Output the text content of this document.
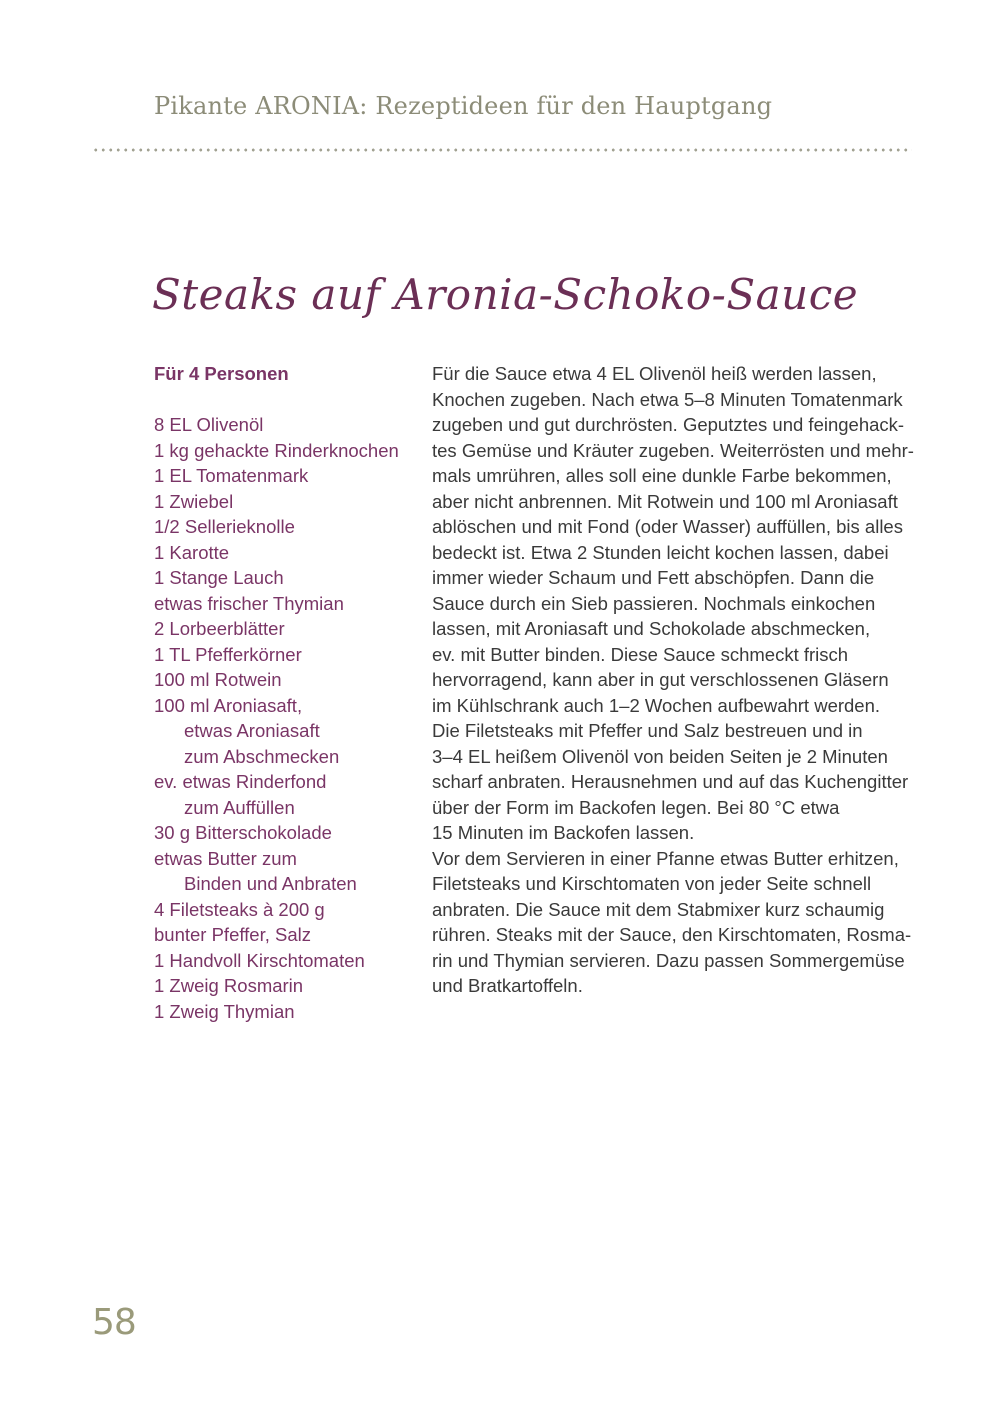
Pikante ARONIA: Rezeptideen für den Hauptgang
Steaks auf Aronia-Schoko-Sauce
Für 4 Personen
8 EL Olivenöl
1 kg gehackte Rinderknochen
1 EL Tomatenmark
1 Zwiebel
1/2 Sellerieknolle
1 Karotte
1 Stange Lauch
etwas frischer Thymian
2 Lorbeerblätter
1 TL Pfefferkörner
100 ml Rotwein
100 ml Aroniasaft,
etwas Aroniasaft
zum Abschmecken
ev. etwas Rinderfond
zum Auffüllen
30 g Bitterschokolade
etwas Butter zum
Binden und Anbraten
4 Filetsteaks à 200 g
bunter Pfeffer, Salz
1 Handvoll Kirschtomaten
1 Zweig Rosmarin
1 Zweig Thymian
Für die Sauce etwa 4 EL Olivenöl heiß werden lassen,
Knochen zugeben. Nach etwa 5–8 Minuten Tomatenmark
zugeben und gut durchrösten. Geputztes und feingehack-
tes Gemüse und Kräuter zugeben. Weiterrösten und mehr-
mals umrühren, alles soll eine dunkle Farbe bekommen,
aber nicht anbrennen. Mit Rotwein und 100 ml Aroniasaft
ablöschen und mit Fond (oder Wasser) auffüllen, bis alles
bedeckt ist. Etwa 2 Stunden leicht kochen lassen, dabei
immer wieder Schaum und Fett abschöpfen. Dann die
Sauce durch ein Sieb passieren. Nochmals einkochen
lassen, mit Aroniasaft und Schokolade abschmecken,
ev. mit Butter binden. Diese Sauce schmeckt frisch
hervorragend, kann aber in gut verschlossenen Gläsern
im Kühlschrank auch 1–2 Wochen aufbewahrt werden.
Die Filetsteaks mit Pfeffer und Salz bestreuen und in
3–4 EL heißem Olivenöl von beiden Seiten je 2 Minuten
scharf anbraten. Herausnehmen und auf das Kuchengitter
über der Form im Backofen legen. Bei 80 °C etwa
15 Minuten im Backofen lassen.
Vor dem Servieren in einer Pfanne etwas Butter erhitzen,
Filetsteaks und Kirschtomaten von jeder Seite schnell
anbraten. Die Sauce mit dem Stabmixer kurz schaumig
rühren. Steaks mit der Sauce, den Kirschtomaten, Rosma-
rin und Thymian servieren. Dazu passen Sommergemüse
und Bratkartoffeln.
58
